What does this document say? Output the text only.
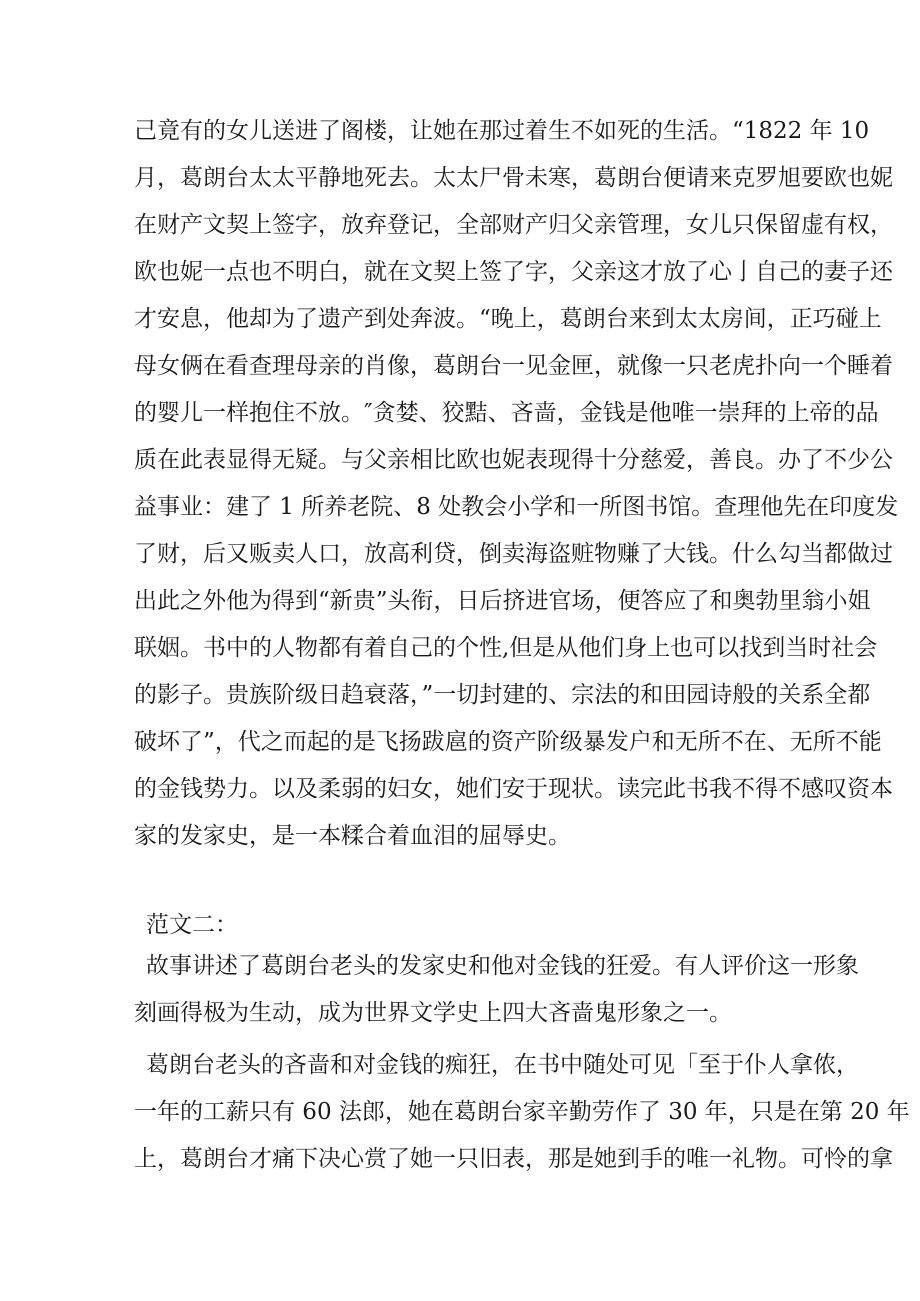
己竟有的女儿送进了阁楼，让她在那过着生不如死的生活。“1822 年 10
月，葛朗台太太平静地死去。太太尸骨未寒，葛朗台便请来克罗旭要欧也妮
在财产文契上签字，放弃登记，全部财产归父亲管理，女儿只保留虚有权，
欧也妮一点也不明白，就在文契上签了字，父亲这才放了心亅自己的妻子还
才安息，他却为了遗产到处奔波。“晚上，葛朗台来到太太房间，正巧碰上
母女俩在看查理母亲的肖像，葛朗台一见金匣，就像一只老虎扑向一个睡着
的婴儿一样抱住不放。″贪婪、狡黠、吝啬，金钱是他唯一崇拜的上帝的品
质在此表显得无疑。与父亲相比欧也妮表现得十分慈爱，善良。办了不少公
益事业：建了 1 所养老院、8 处教会小学和一所图书馆。查理他先在印度发
了财，后又贩卖人口，放高利贷，倒卖海盗赃物赚了大钱。什么勾当都做过
出此之外他为得到“新贵”头衔，日后挤进官场，便答应了和奥勃里翁小姐
联姻。书中的人物都有着自己的个性,但是从他们身上也可以找到当时社会
的影子。贵族阶级日趋衰落，”一切封建的、宗法的和田园诗般的关系全都
破坏了”，代之而起的是飞扬跋扈的资产阶级暴发户和无所不在、无所不能
的金钱势力。以及柔弱的妇女，她们安于现状。读完此书我不得不感叹资本
家的发家史，是一本糅合着血泪的屈辱史。
范文二：
故事讲述了葛朗台老头的发家史和他对金钱的狂爱。有人评价这一形象
刻画得极为生动，成为世界文学史上四大吝啬鬼形象之一。
葛朗台老头的吝啬和对金钱的痴狂，在书中随处可见「至于仆人拿侬，
一年的工薪只有 60 法郎，她在葛朗台家辛勤劳作了 30 年，只是在第 20 年
上，葛朗台才痛下决心赏了她一只旧表，那是她到手的唯一礼物。可怜的拿
